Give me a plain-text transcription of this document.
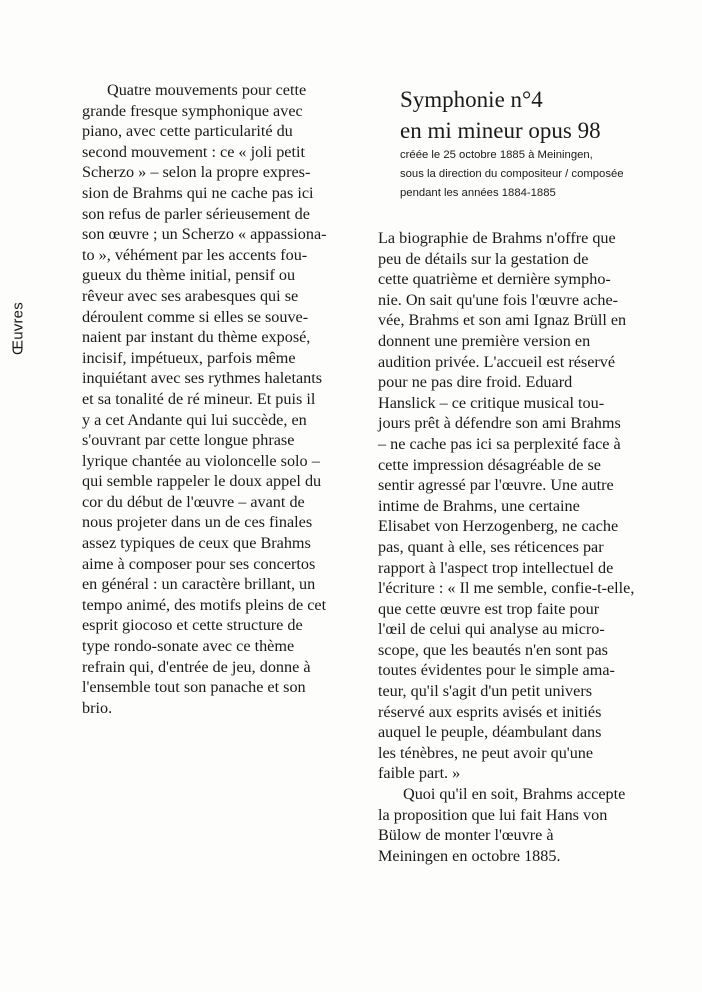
Œuvres
Quatre mouvements pour cette
grande fresque symphonique avec
piano, avec cette particularité du
second mouvement : ce « joli petit
Scherzo » – selon la propre expres-
sion de Brahms qui ne cache pas ici
son refus de parler sérieusement de
son œuvre ; un Scherzo « appassiona-
to », véhément par les accents fou-
gueux du thème initial, pensif ou
rêveur avec ses arabesques qui se
déroulent comme si elles se souve-
naient par instant du thème exposé,
incisif, impétueux, parfois même
inquiétant avec ses rythmes haletants
et sa tonalité de ré mineur. Et puis il
y a cet Andante qui lui succède, en
s'ouvrant par cette longue phrase
lyrique chantée au violoncelle solo –
qui semble rappeler le doux appel du
cor du début de l'œuvre – avant de
nous projeter dans un de ces finales
assez typiques de ceux que Brahms
aime à composer pour ses concertos
en général : un caractère brillant, un
tempo animé, des motifs pleins de cet
esprit giocoso et cette structure de
type rondo-sonate avec ce thème
refrain qui, d'entrée de jeu, donne à
l'ensemble tout son panache et son
brio.
Symphonie n°4
en mi mineur opus 98
créée le 25 octobre 1885 à Meiningen,
sous la direction du compositeur / composée
pendant les années 1884-1885
La biographie de Brahms n'offre que
peu de détails sur la gestation de
cette quatrième et dernière sympho-
nie. On sait qu'une fois l'œuvre ache-
vée, Brahms et son ami Ignaz Brüll en
donnent une première version en
audition privée. L'accueil est réservé
pour ne pas dire froid. Eduard
Hanslick – ce critique musical tou-
jours prêt à défendre son ami Brahms
– ne cache pas ici sa perplexité face à
cette impression désagréable de se
sentir agressé par l'œuvre. Une autre
intime de Brahms, une certaine
Elisabet von Herzogenberg, ne cache
pas, quant à elle, ses réticences par
rapport à l'aspect trop intellectuel de
l'écriture : « Il me semble, confie-t-elle,
que cette œuvre est trop faite pour
l'œil de celui qui analyse au micro-
scope, que les beautés n'en sont pas
toutes évidentes pour le simple ama-
teur, qu'il s'agit d'un petit univers
réservé aux esprits avisés et initiés
auquel le peuple, déambulant dans
les ténèbres, ne peut avoir qu'une
faible part. »
Quoi qu'il en soit, Brahms accepte
la proposition que lui fait Hans von
Bülow de monter l'œuvre à
Meiningen en octobre 1885.
